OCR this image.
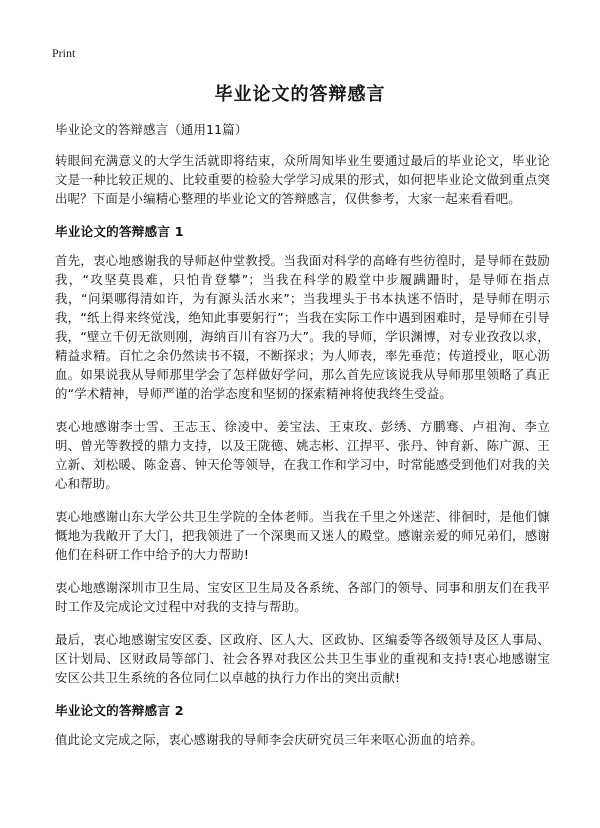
Print
毕业论文的答辩感言

毕业论文的答辩感言（通用11篇）

转眼间充满意义的大学生活就即将结束，众所周知毕业生要通过最后的毕业论文，毕业论文是一种比较正规的、比较重要的检验大学学习成果的形式，如何把毕业论文做到重点突出呢？下面是小编精心整理的毕业论文的答辩感言，仅供参考，大家一起来看看吧。

毕业论文的答辩感言 1

首先，衷心地感谢我的导师赵仲堂教授。当我面对科学的高峰有些彷徨时，是导师在鼓励我，“攻坚莫畏难，只怕肯登攀”；当我在科学的殿堂中步履蹒跚时，是导师在指点我，“问渠哪得清如许，为有源头活水来”；当我埋头于书本执迷不悟时，是导师在明示我，“纸上得来终觉浅，绝知此事要躬行”；当我在实际工作中遇到困难时，是导师在引导我，“壁立千仞无欲则刚，海纳百川有容乃大”。我的导师，学识渊博，对专业孜孜以求，精益求精。百忙之余仍然读书不辍，不断探求；为人师表，率先垂范；传道授业，呕心沥血。如果说我从导师那里学会了怎样做好学问，那么首先应该说我从导师那里领略了真正的“学术精神，导师严谨的治学态度和坚韧的探索精神将使我终生受益。

衷心地感谢李士雪、王志玉、徐凌中、姜宝法、王束玫、彭绣、方鹏骞、卢祖洵、李立明、曾光等教授的鼎力支持，以及王陇德、姚志彬、江捍平、张丹、钟育新、陈广源、王立新、刘松暖、陈金喜、钟天伦等领导，在我工作和学习中，时常能感受到他们对我的关心和帮助。

衷心地感谢山东大学公共卫生学院的全体老师。当我在千里之外迷茫、徘徊时，是他们慷慨地为我敞开了大门，把我领进了一个深奥而又迷人的殿堂。感谢亲爱的师兄弟们，感谢他们在科研工作中给予的大力帮助!

衷心地感谢深圳市卫生局、宝安区卫生局及各系统、各部门的领导、同事和朋友们在我平时工作及完成论文过程中对我的支持与帮助。

最后，衷心地感谢宝安区委、区政府、区人大、区政协、区编委等各级领导及区人事局、区计划局、区财政局等部门、社会各界对我区公共卫生事业的重视和支持!衷心地感谢宝安区公共卫生系统的各位同仁以卓越的执行力作出的突出贡献!

毕业论文的答辩感言 2

值此论文完成之际，衷心感谢我的导师李会庆研究员三年来呕心沥血的培养。
